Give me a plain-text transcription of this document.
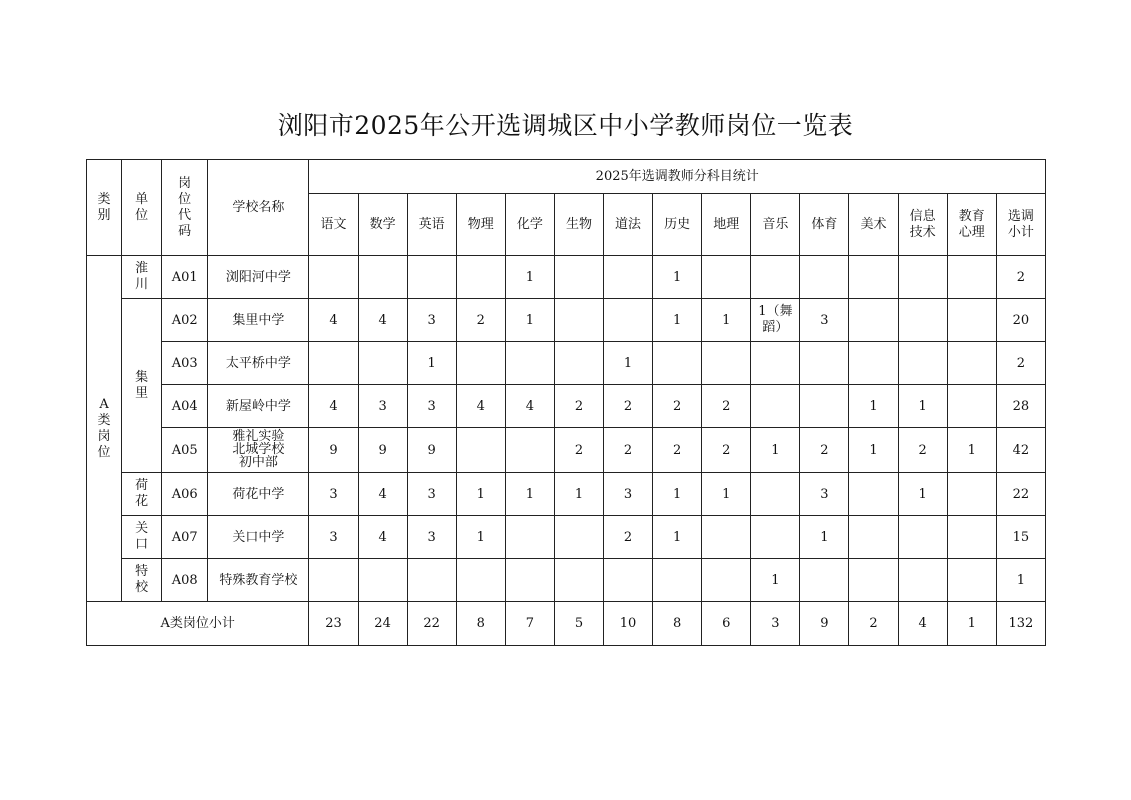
浏阳市2025年公开选调城区中小学教师岗位一览表
类别	单位	岗位代码	学校名称	2025年选调教师分科目统计														
				语文	数学	英语	物理	化学	生物	道法	历史	地理	音乐	体育	美术	信息技术	教育心理	选调小计
A类岗位	淮川	A01	浏阳河中学					1			1							2
	集里	A02	集里中学	4	4	3	2	1			1	1	1（舞蹈）	3				20
		A03	太平桥中学			1				1								2
		A04	新屋岭中学	4	3	3	4	4	2	2	2	2			1	1		28
		A05	雅礼实验北城学校初中部	9	9	9			2	2	2	2	1	2	1	2	1	42
	荷花	A06	荷花中学	3	4	3	1	1	1	3	1	1		3		1		22
	关口	A07	关口中学	3	4	3	1			2	1			1				15
	特校	A08	特殊教育学校										1					1
A类岗位小计				23	24	22	8	7	5	10	8	6	3	9	2	4	1	132
